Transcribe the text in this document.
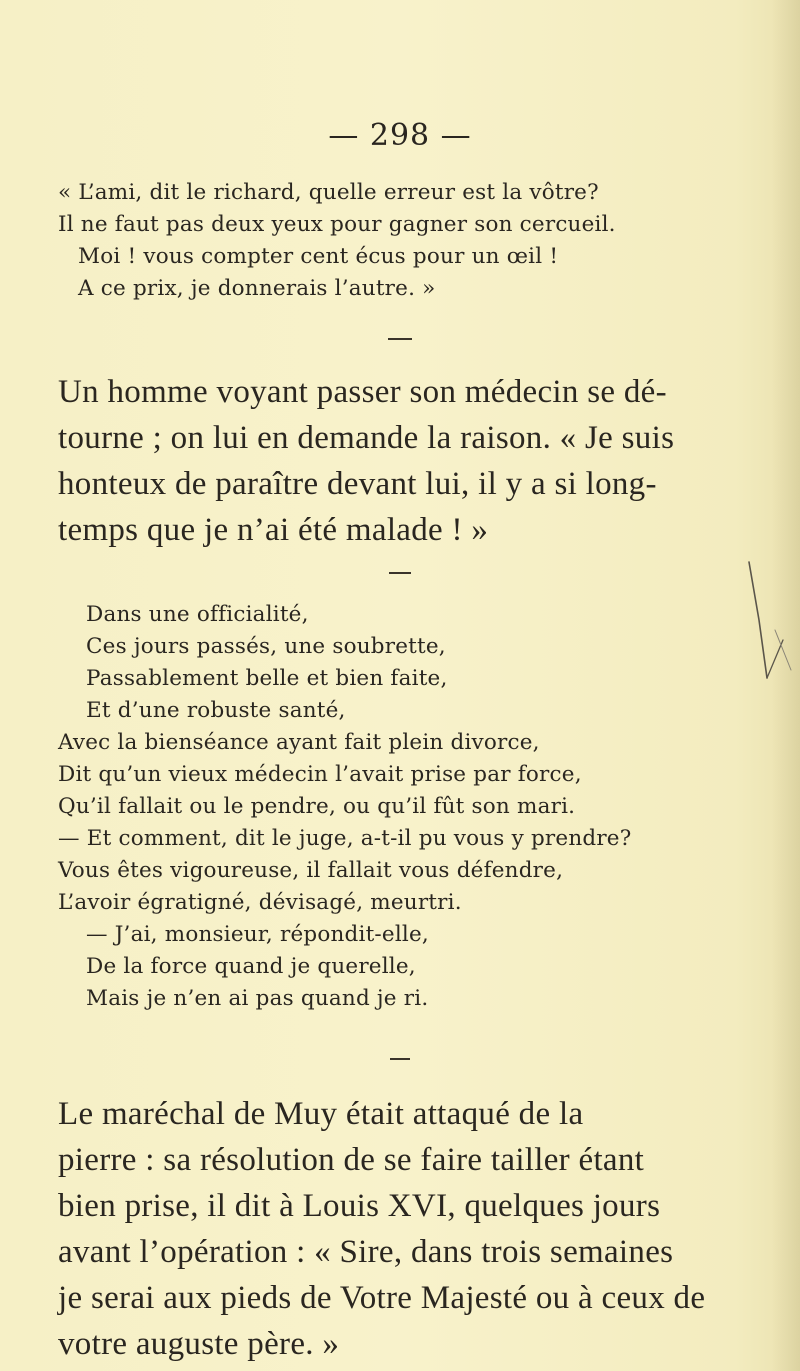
— 298 —
« L’ami, dit le richard, quelle erreur est la vôtre?
Il ne faut pas deux yeux pour gagner son cercueil.
Moi ! vous compter cent écus pour un œil !
A ce prix, je donnerais l’autre. »
Un homme voyant passer son médecin se dé-
tourne ; on lui en demande la raison. « Je suis
honteux de paraître devant lui, il y a si long-
temps que je n’ai été malade ! »
Dans une officialité,
Ces jours passés, une soubrette,
Passablement belle et bien faite,
Et d’une robuste santé,
Avec la bienséance ayant fait plein divorce,
Dit qu’un vieux médecin l’avait prise par force,
Qu’il fallait ou le pendre, ou qu’il fût son mari.
— Et comment, dit le juge, a-t-il pu vous y prendre?
Vous êtes vigoureuse, il fallait vous défendre,
L’avoir égratigné, dévisagé, meurtri.
— J’ai, monsieur, répondit-elle,
De la force quand je querelle,
Mais je n’en ai pas quand je ri.
Le maréchal de Muy était attaqué de la
pierre : sa résolution de se faire tailler étant
bien prise, il dit à Louis XVI, quelques jours
avant l’opération : « Sire, dans trois semaines
je serai aux pieds de Votre Majesté ou à ceux de
votre auguste père. »
